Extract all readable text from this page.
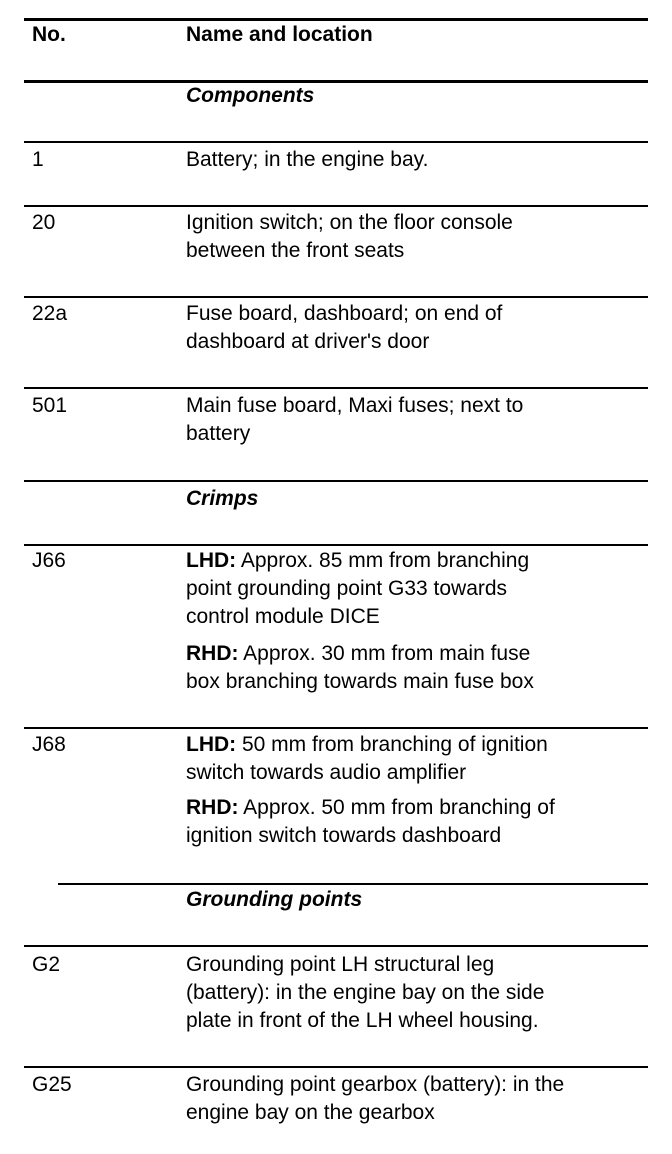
No.	Name and location
Components
1	Battery; in the engine bay.
20	Ignition switch; on the floor console
between the front seats
22a	Fuse board, dashboard; on end of
dashboard at driver's door
501	Main fuse board, Maxi fuses; next to
battery
Crimps
J66	LHD: Approx. 85 mm from branching
point grounding point G33 towards
control module DICE
RHD: Approx. 30 mm from main fuse
box branching towards main fuse box
J68	LHD: 50 mm from branching of ignition
switch towards audio amplifier
RHD: Approx. 50 mm from branching of
ignition switch towards dashboard
Grounding points
G2	Grounding point LH structural leg
(battery): in the engine bay on the side
plate in front of the LH wheel housing.
G25	Grounding point gearbox (battery): in the
engine bay on the gearbox
